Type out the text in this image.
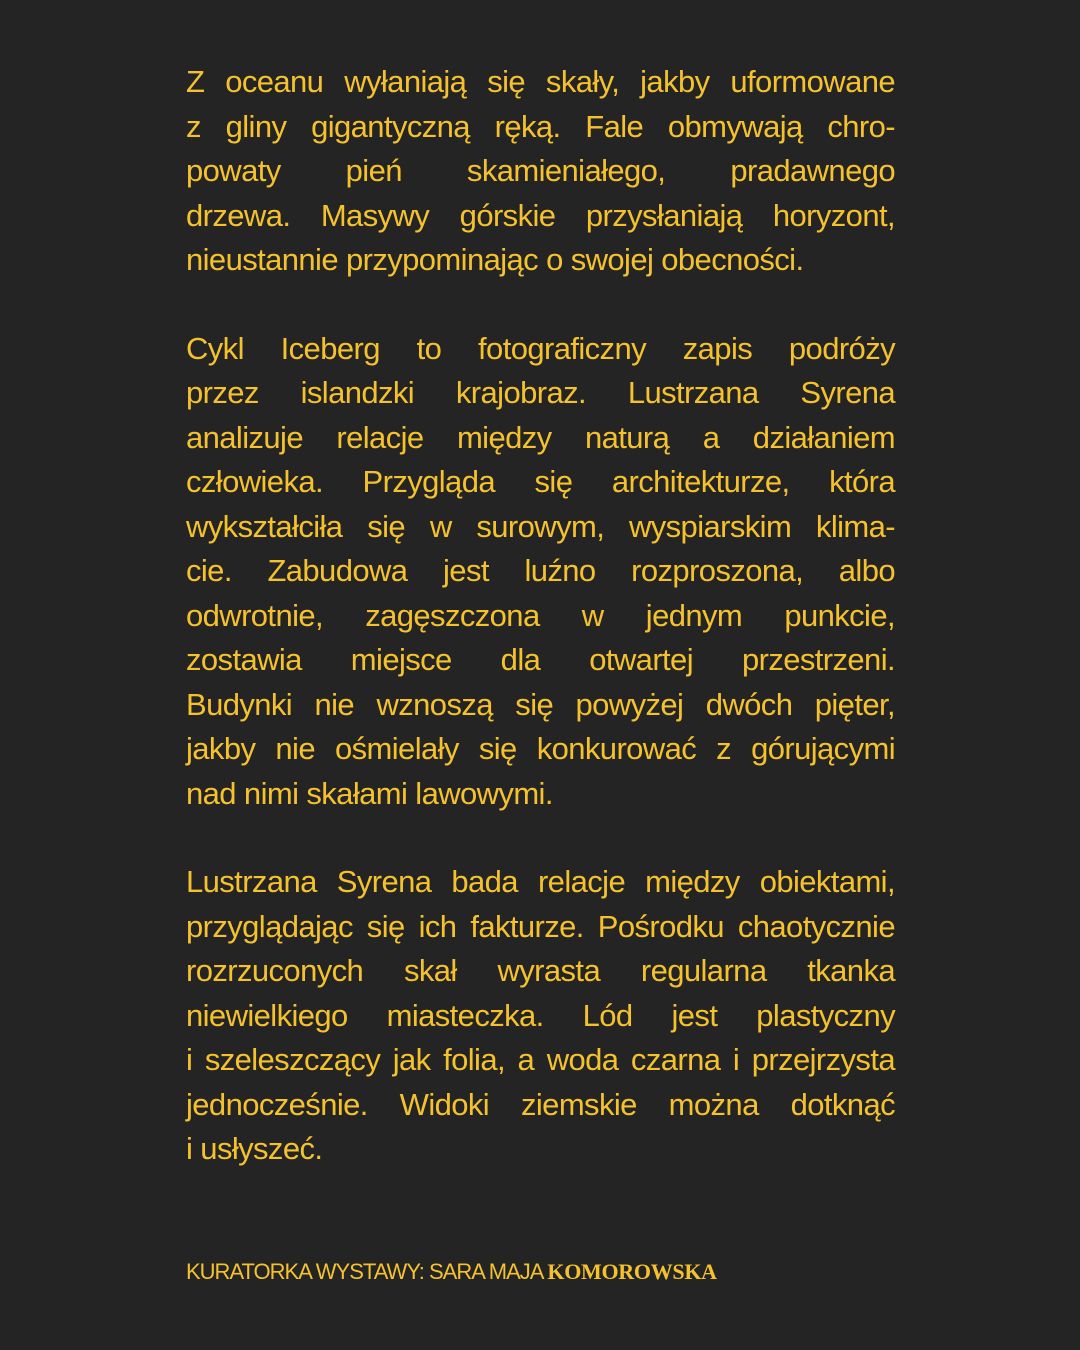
Z oceanu wyłaniają się skały, jakby uformowane
z gliny gigantyczną ręką. Fale obmywają chro-
powaty pień skamieniałego, pradawnego
drzewa. Masywy górskie przysłaniają horyzont,
nieustannie przypominając o swojej obecności.

Cykl Iceberg to fotograficzny zapis podróży
przez islandzki krajobraz. Lustrzana Syrena
analizuje relacje między naturą a działaniem
człowieka. Przygląda się architekturze, która
wykształciła się w surowym, wyspiarskim klima-
cie. Zabudowa jest luźno rozproszona, albo
odwrotnie, zagęszczona w jednym punkcie,
zostawia miejsce dla otwartej przestrzeni.
Budynki nie wznoszą się powyżej dwóch pięter,
jakby nie ośmielały się konkurować z górującymi
nad nimi skałami lawowymi.

Lustrzana Syrena bada relacje między obiektami,
przyglądając się ich fakturze. Pośrodku chaotycznie
rozrzuconych skał wyrasta regularna tkanka
niewielkiego miasteczka. Lód jest plastyczny
i szeleszczący jak folia, a woda czarna i przejrzysta
jednocześnie. Widoki ziemskie można dotknąć
i usłyszeć.

KURATORKA WYSTAWY: SARA MAJA KOMOROWSKA
